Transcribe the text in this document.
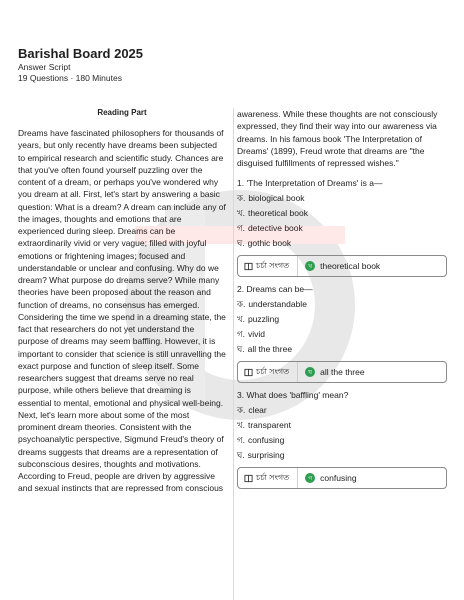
Barishal Board 2025
Answer Script
19 Questions · 180 Minutes
Reading Part

Dreams have fascinated philosophers for thousands of years, but only recently have dreams been subjected to empirical research and scientific study. Chances are that you've often found yourself puzzling over the content of a dream, or perhaps you've wondered why you dream at all. First, let's start by answering a basic question: What is a dream? A dream can include any of the images, thoughts and emotions that are experienced during sleep. Dreams can be extraordinarily vivid or very vague; filled with joyful emotions or frightening images; focused and understandable or unclear and confusing. Why do we dream? What purpose do dreams serve? While many theories have been proposed about the reason and function of dreams, no consensus has emerged. Considering the time we spend in a dreaming state, the fact that researchers do not yet understand the purpose of dreams may seem baffling. However, it is important to consider that science is still unravelling the exact purpose and function of sleep itself. Some researchers suggest that dreams serve no real purpose, while others believe that dreaming is essential to mental, emotional and physical well-being. Next, let's learn more about some of the most prominent dream theories. Consistent with the psychoanalytic perspective, Sigmund Freud's theory of dreams suggests that dreams are a representation of subconscious desires, thoughts and motivations. According to Freud, people are driven by aggressive and sexual instincts that are repressed from conscious

awareness. While these thoughts are not consciously expressed, they find their way into our awareness via dreams. In his famous book 'The Interpretation of Dreams' (1899), Freud wrote that dreams are "the disguised fulfillments of repressed wishes."

1. 'The Interpretation of Dreams' is a—
ক. biological book
খ. theoretical book
গ. detective book
ঘ. gothic book
চর্চা সংগত	খ theoretical book
2. Dreams can be—
ক. understandable
খ. puzzling
গ. vivid
ঘ. all the three
চর্চা সংগত	ঘ all the three
3. What does 'baffling' mean?
ক. clear
খ. transparent
গ. confusing
ঘ. surprising
চর্চা সংগত	গ confusing
